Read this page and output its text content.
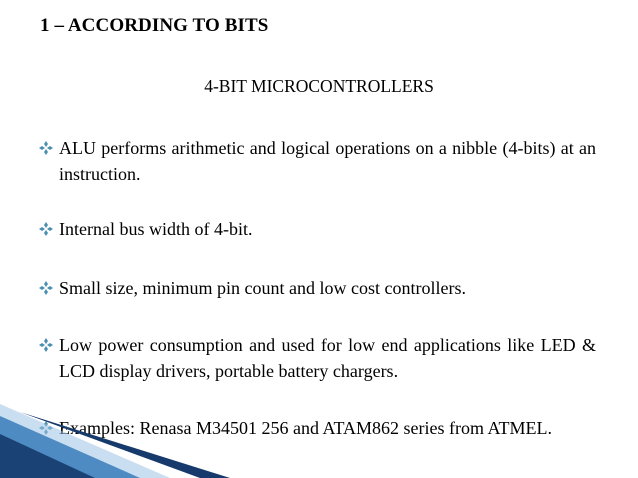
1 – ACCORDING TO BITS
4-BIT MICROCONTROLLERS
ALU performs arithmetic and logical operations on a nibble (4-bits) at an instruction.
Internal bus width of 4-bit.
Small size, minimum pin count and low cost controllers.
Low power consumption and used for low end applications like LED & LCD display drivers, portable battery chargers.
Examples: Renasa M34501 256 and ATAM862 series from ATMEL.
